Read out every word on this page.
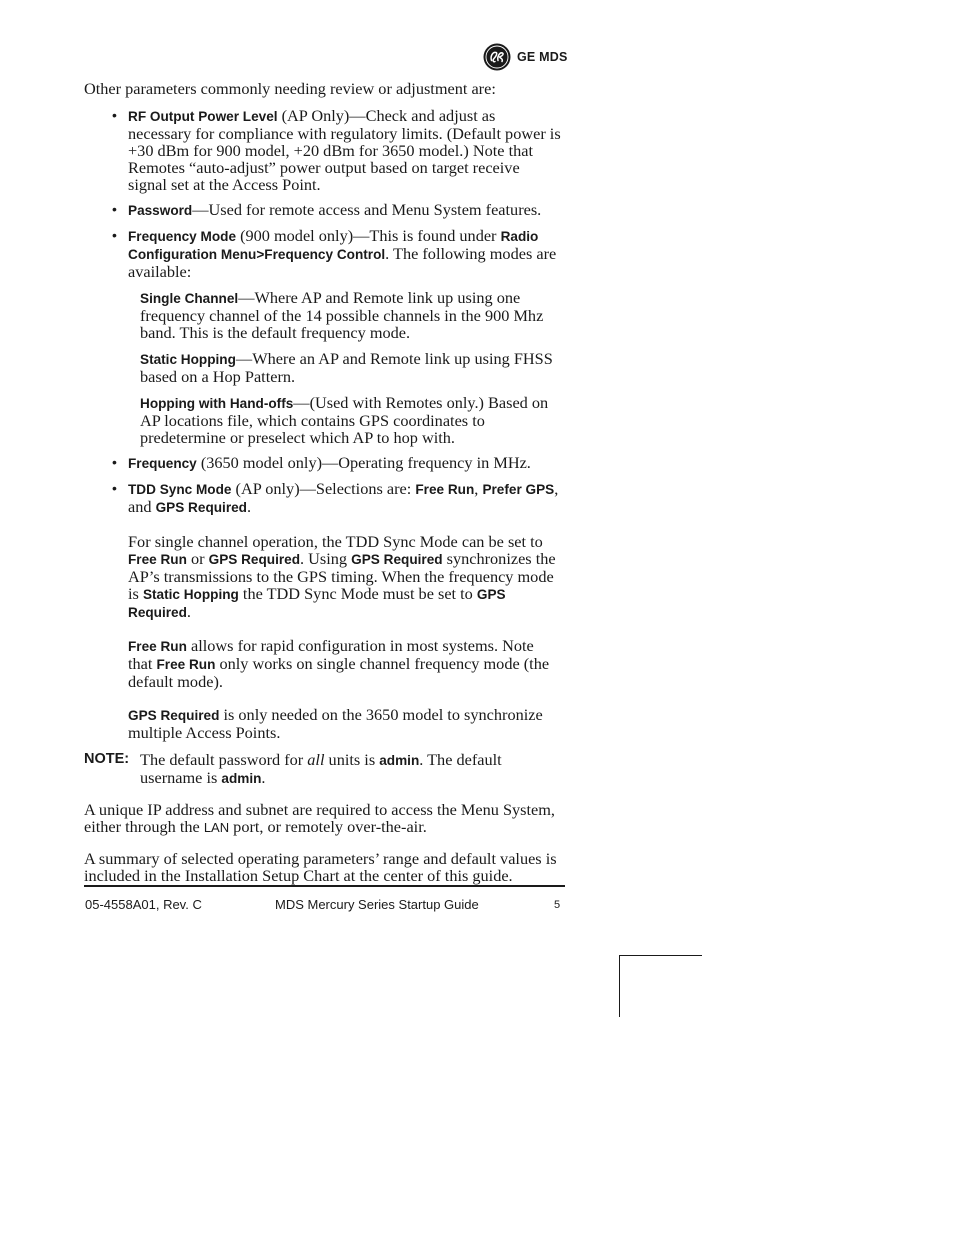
GE MDS

Other parameters commonly needing review or adjustment are:

• RF Output Power Level (AP Only)—Check and adjust as necessary for compliance with regulatory limits. (Default power is +30 dBm for 900 model, +20 dBm for 3650 model.) Note that Remotes “auto-adjust” power output based on target receive signal set at the Access Point.
• Password—Used for remote access and Menu System features.
• Frequency Mode (900 model only)—This is found under Radio Configuration Menu>Frequency Control. The following modes are available:

Single Channel—Where AP and Remote link up using one frequency channel of the 14 possible channels in the 900 Mhz band. This is the default frequency mode.

Static Hopping—Where an AP and Remote link up using FHSS based on a Hop Pattern.

Hopping with Hand-offs—(Used with Remotes only.) Based on AP locations file, which contains GPS coordinates to predetermine or preselect which AP to hop with.

• Frequency (3650 model only)—Operating frequency in MHz.
• TDD Sync Mode (AP only)—Selections are: Free Run, Prefer GPS, and GPS Required.

For single channel operation, the TDD Sync Mode can be set to Free Run or GPS Required. Using GPS Required synchronizes the AP’s transmissions to the GPS timing. When the frequency mode is Static Hopping the TDD Sync Mode must be set to GPS Required.

Free Run allows for rapid configuration in most systems. Note that Free Run only works on single channel frequency mode (the default mode).

GPS Required is only needed on the 3650 model to synchronize multiple Access Points.

NOTE: The default password for all units is admin. The default username is admin.

A unique IP address and subnet are required to access the Menu System, either through the LAN port, or remotely over-the-air.

A summary of selected operating parameters’ range and default values is included in the Installation Setup Chart at the center of this guide.

05-4558A01, Rev. C	MDS Mercury Series Startup Guide	5
